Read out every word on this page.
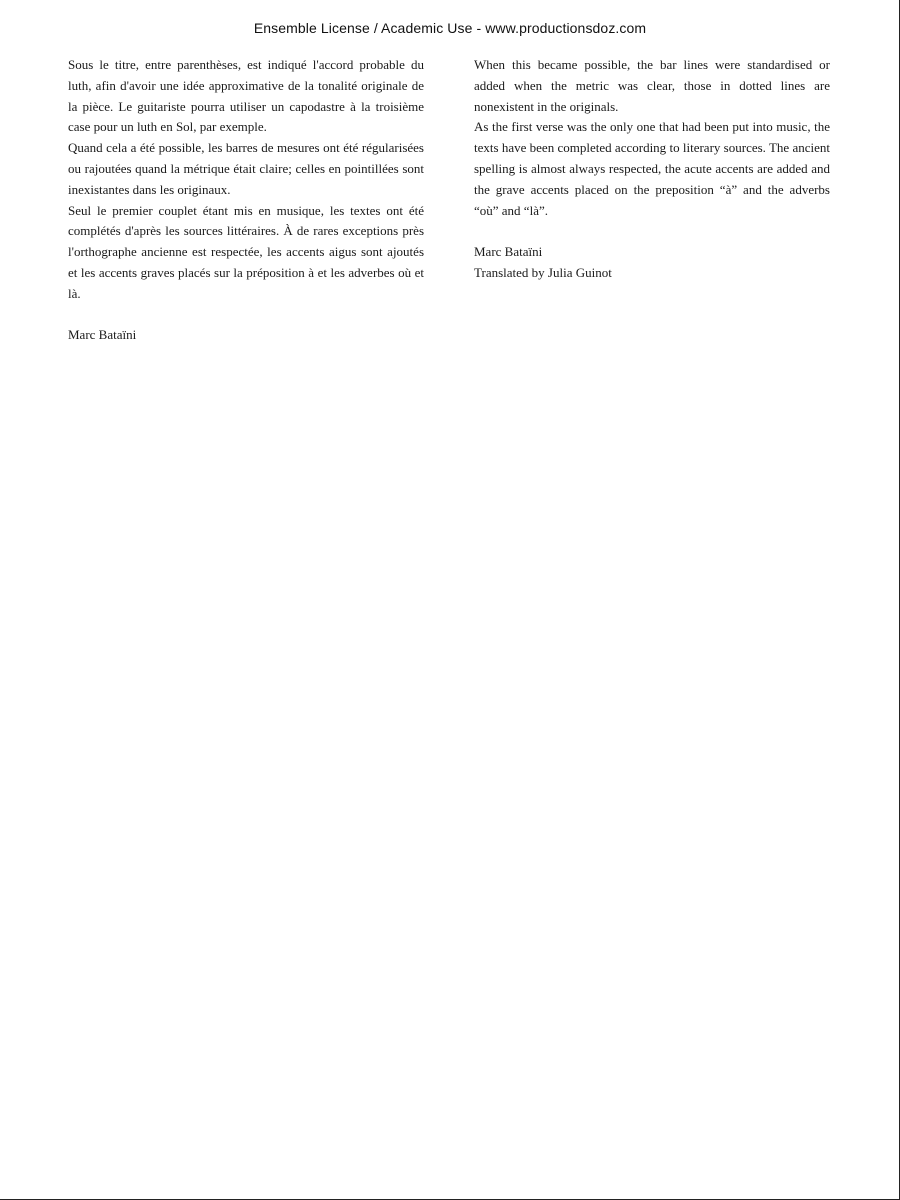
Ensemble License / Academic Use - www.productionsdoz.com

Sous le titre, entre parenthèses, est indiqué l'accord probable du luth, afin d'avoir une idée approximative de la tonalité originale de la pièce. Le guitariste pourra utiliser un capodastre à la troisième case pour un luth en Sol, par exemple.

Quand cela a été possible, les barres de mesures ont été régularisées ou rajoutées quand la métrique était claire; celles en pointillées sont inexistantes dans les originaux.

Seul le premier couplet étant mis en musique, les textes ont été complétés d'après les sources littéraires. À de rares exceptions près l'orthographe ancienne est respectée, les accents aigus sont ajoutés et les accents graves placés sur la préposition à et les adverbes où et là.

Marc Bataïni

When this became possible, the bar lines were standardised or added when the metric was clear, those in dotted lines are nonexistent in the originals.

As the first verse was the only one that had been put into music, the texts have been completed according to literary sources. The ancient spelling is almost always respected, the acute accents are added and the grave accents placed on the preposition “à” and the adverbs “où” and “là”.

Marc Bataïni

Translated by Julia Guinot
